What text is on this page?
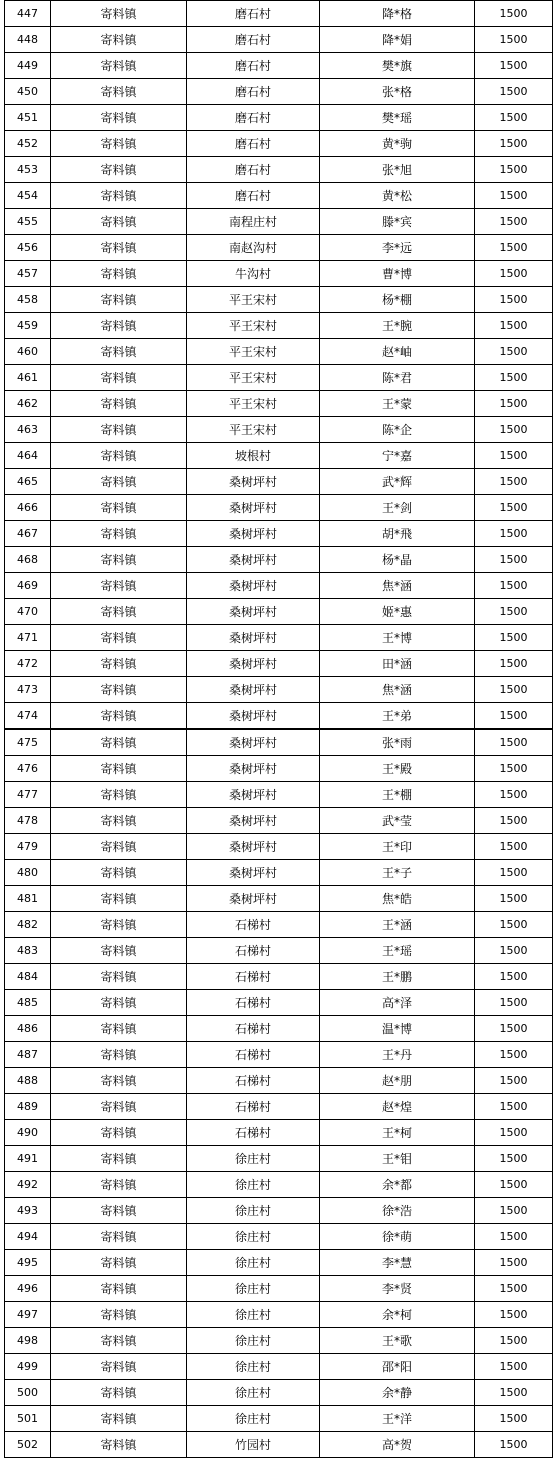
447	寄料镇	磨石村	降*格	1500
448	寄料镇	磨石村	降*娟	1500
449	寄料镇	磨石村	樊*旗	1500
450	寄料镇	磨石村	张*格	1500
451	寄料镇	磨石村	樊*瑶	1500
452	寄料镇	磨石村	黄*驹	1500
453	寄料镇	磨石村	张*旭	1500
454	寄料镇	磨石村	黄*松	1500
455	寄料镇	南程庄村	滕*宾	1500
456	寄料镇	南赵沟村	李*远	1500
457	寄料镇	牛沟村	曹*博	1500
458	寄料镇	平王宋村	杨*棚	1500
459	寄料镇	平王宋村	王*腕	1500
460	寄料镇	平王宋村	赵*岫	1500
461	寄料镇	平王宋村	陈*君	1500
462	寄料镇	平王宋村	王*蒙	1500
463	寄料镇	平王宋村	陈*企	1500
464	寄料镇	坡根村	宁*嘉	1500
465	寄料镇	桑树坪村	武*辉	1500
466	寄料镇	桑树坪村	王*剑	1500
467	寄料镇	桑树坪村	胡*飛	1500
468	寄料镇	桑树坪村	杨*晶	1500
469	寄料镇	桑树坪村	焦*涵	1500
470	寄料镇	桑树坪村	姬*惠	1500
471	寄料镇	桑树坪村	王*博	1500
472	寄料镇	桑树坪村	田*涵	1500
473	寄料镇	桑树坪村	焦*涵	1500
474	寄料镇	桑树坪村	王*弟	1500
475	寄料镇	桑树坪村	张*雨	1500
476	寄料镇	桑树坪村	王*殿	1500
477	寄料镇	桑树坪村	王*棚	1500
478	寄料镇	桑树坪村	武*莹	1500
479	寄料镇	桑树坪村	王*印	1500
480	寄料镇	桑树坪村	王*子	1500
481	寄料镇	桑树坪村	焦*皓	1500
482	寄料镇	石梯村	王*涵	1500
483	寄料镇	石梯村	王*瑶	1500
484	寄料镇	石梯村	王*鹏	1500
485	寄料镇	石梯村	高*泽	1500
486	寄料镇	石梯村	温*博	1500
487	寄料镇	石梯村	王*丹	1500
488	寄料镇	石梯村	赵*朋	1500
489	寄料镇	石梯村	赵*煌	1500
490	寄料镇	石梯村	王*柯	1500
491	寄料镇	徐庄村	王*钼	1500
492	寄料镇	徐庄村	余*都	1500
493	寄料镇	徐庄村	徐*浩	1500
494	寄料镇	徐庄村	徐*萌	1500
495	寄料镇	徐庄村	李*慧	1500
496	寄料镇	徐庄村	李*贤	1500
497	寄料镇	徐庄村	余*柯	1500
498	寄料镇	徐庄村	王*歌	1500
499	寄料镇	徐庄村	邵*阳	1500
500	寄料镇	徐庄村	余*静	1500
501	寄料镇	徐庄村	王*洋	1500
502	寄料镇	竹园村	高*贺	1500
